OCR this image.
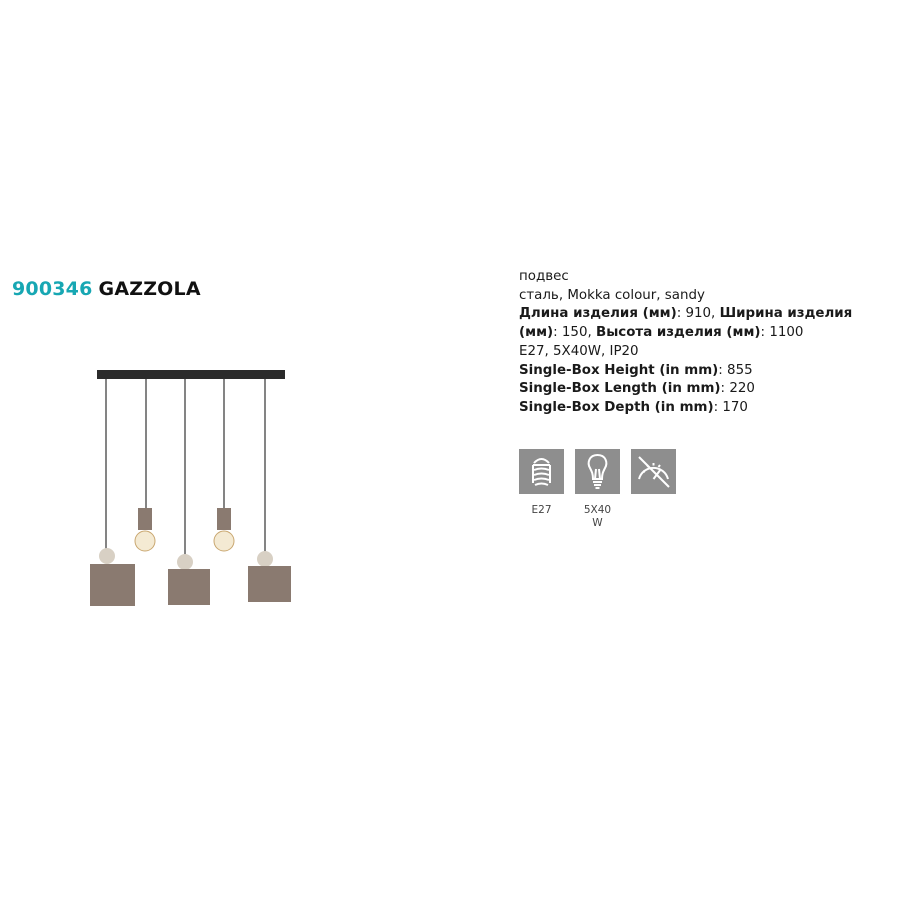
900346 GAZZOLA
подвес
сталь, Mokka colour, sandy
Длина изделия (мм): 910, Ширина изделия (мм): 150, Высота изделия (мм): 1100
E27, 5X40W, IP20
Single-Box Height (in mm): 855
Single-Box Length (in mm): 220
Single-Box Depth (in mm): 170
E27	5X40
W
